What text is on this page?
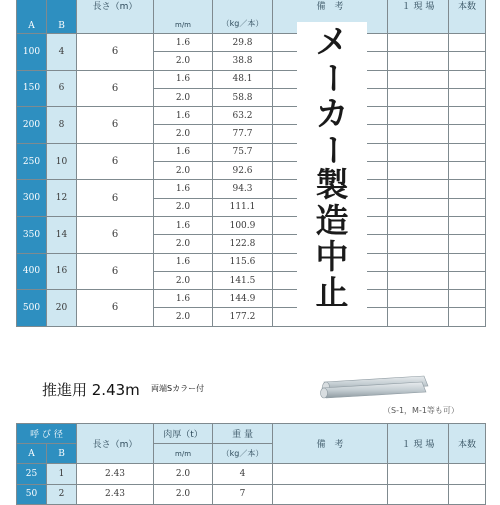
A	B	長さ（m）	m/m	（kg／本）	備　考	１ 現 場	本数
100	4	6	1.6	29.8			
			2.0	38.8			
150	6	6	1.6	48.1			
			2.0	58.8			
200	8	6	1.6	63.2			
			2.0	77.7			
250	10	6	1.6	75.7			
			2.0	92.6			
300	12	6	1.6	94.3			
			2.0	111.1			
350	14	6	1.6	100.9			
			2.0	122.8			
400	16	6	1.6	115.6			
			2.0	141.5			
500	20	6	1.6	144.9			
			2.0	177.2			
メ
ー
カ
ー
製
造
中
止
推進用 2.43m 両端Sカラー付
（S-1，M-1等も可）
呼 び 径		長さ（m）	肉厚（t）	重 量	備　考	１ 現 場	本数
A	B		m/m	（kg／本）			
25	1	2.43	2.0	4			
50	2	2.43	2.0	7			
